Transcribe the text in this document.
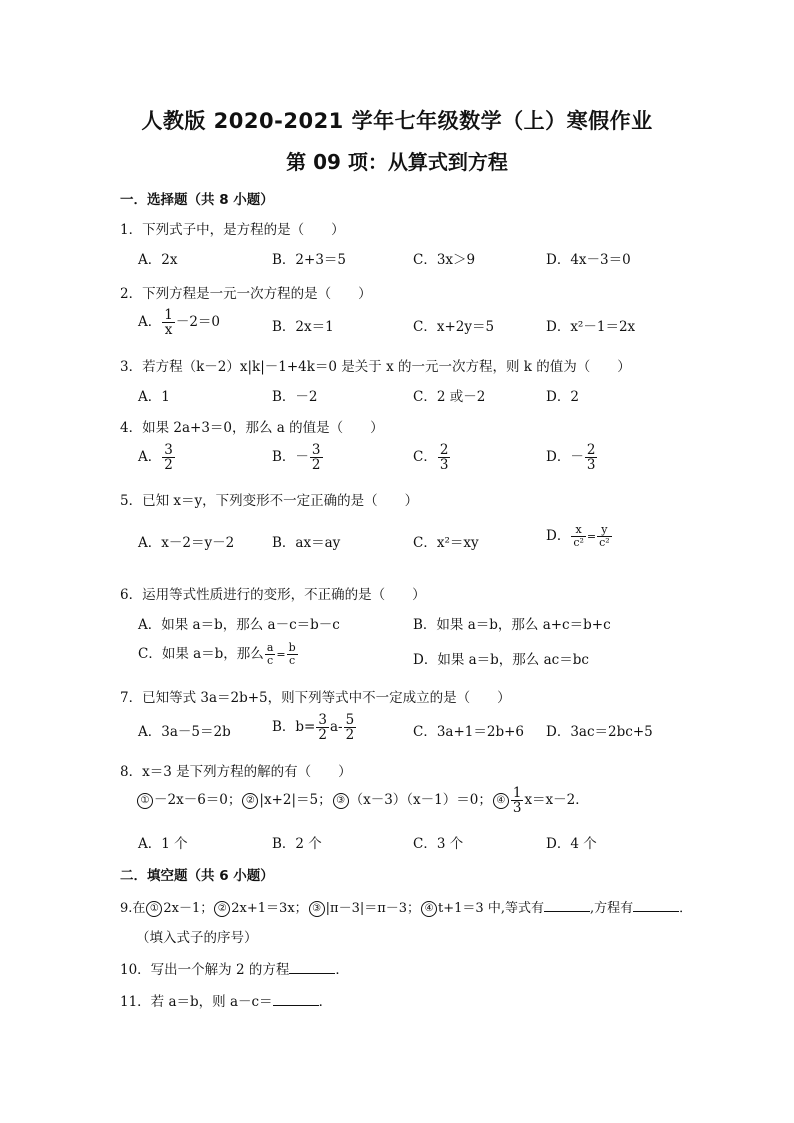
人教版 2020-2021 学年七年级数学（上）寒假作业
第 09 项：从算式到方程
一．选择题（共 8 小题）
1．下列式子中，是方程的是（　　）
A．2x	B．2+3＝5	C．3x＞9	D．4x－3＝0
2．下列方程是一元一次方程的是（　　）
A． $\frac{1}{x} -2=0$	B．2x＝1	C．x+2y＝5	D．x²－1＝2x
3．若方程（k－2）x|k|－1+4k＝0 是关于 x 的一元一次方程，则 k 的值为（　　）
A．1	B．－2	C．2 或－2	D．2
4．如果 2a+3＝0，那么 a 的值是（　　）
A． $\frac{3}{2}$	B．－ $\frac{3}{2}$	C． $\frac{2}{3}$	D．－ $\frac{2}{3}$
5．已知 x＝y，下列变形不一定正确的是（　　）
A．x－2＝y－2	B．ax＝ay	C．x²＝xy	D． $\frac{x}{\text{c²}} = \frac{y}{\text{c²}}$
6．运用等式性质进行的变形，不正确的是（　　）
A．如果 a＝b，那么 a－c＝b－c	B．如果 a＝b，那么 a+c＝b+c
C．如果 a＝b，那么 $\frac{a}{c} = \frac{b}{c}$	D．如果 a＝b，那么 ac＝bc
7．已知等式 3a＝2b+5，则下列等式中不一定成立的是（　　）
A．3a－5＝2b	B．$b= \frac{3}{2} a- \frac{5}{2}$	C．3a+1＝2b+6 D．3ac＝2bc+5
8．x＝3 是下列方程的解的有（　　）
① －2x－6＝0； ② |x+2|＝5； ③ （x－3）（x－1）＝0； ④ $\frac{1}{3} x=x-2$．
A．1 个	B．2 个	C．3 个	D．4 个
二．填空题（共 6 小题）
9.在 ① 2x－1； ② 2x+1＝3x； ③ |π－3|＝π－3； ④ t+1＝3 中,等式有	,方程有	．
（填入式子的序号）
10．写出一个解为 2 的方程	．
11．若 a＝b，则 a－c＝	．
